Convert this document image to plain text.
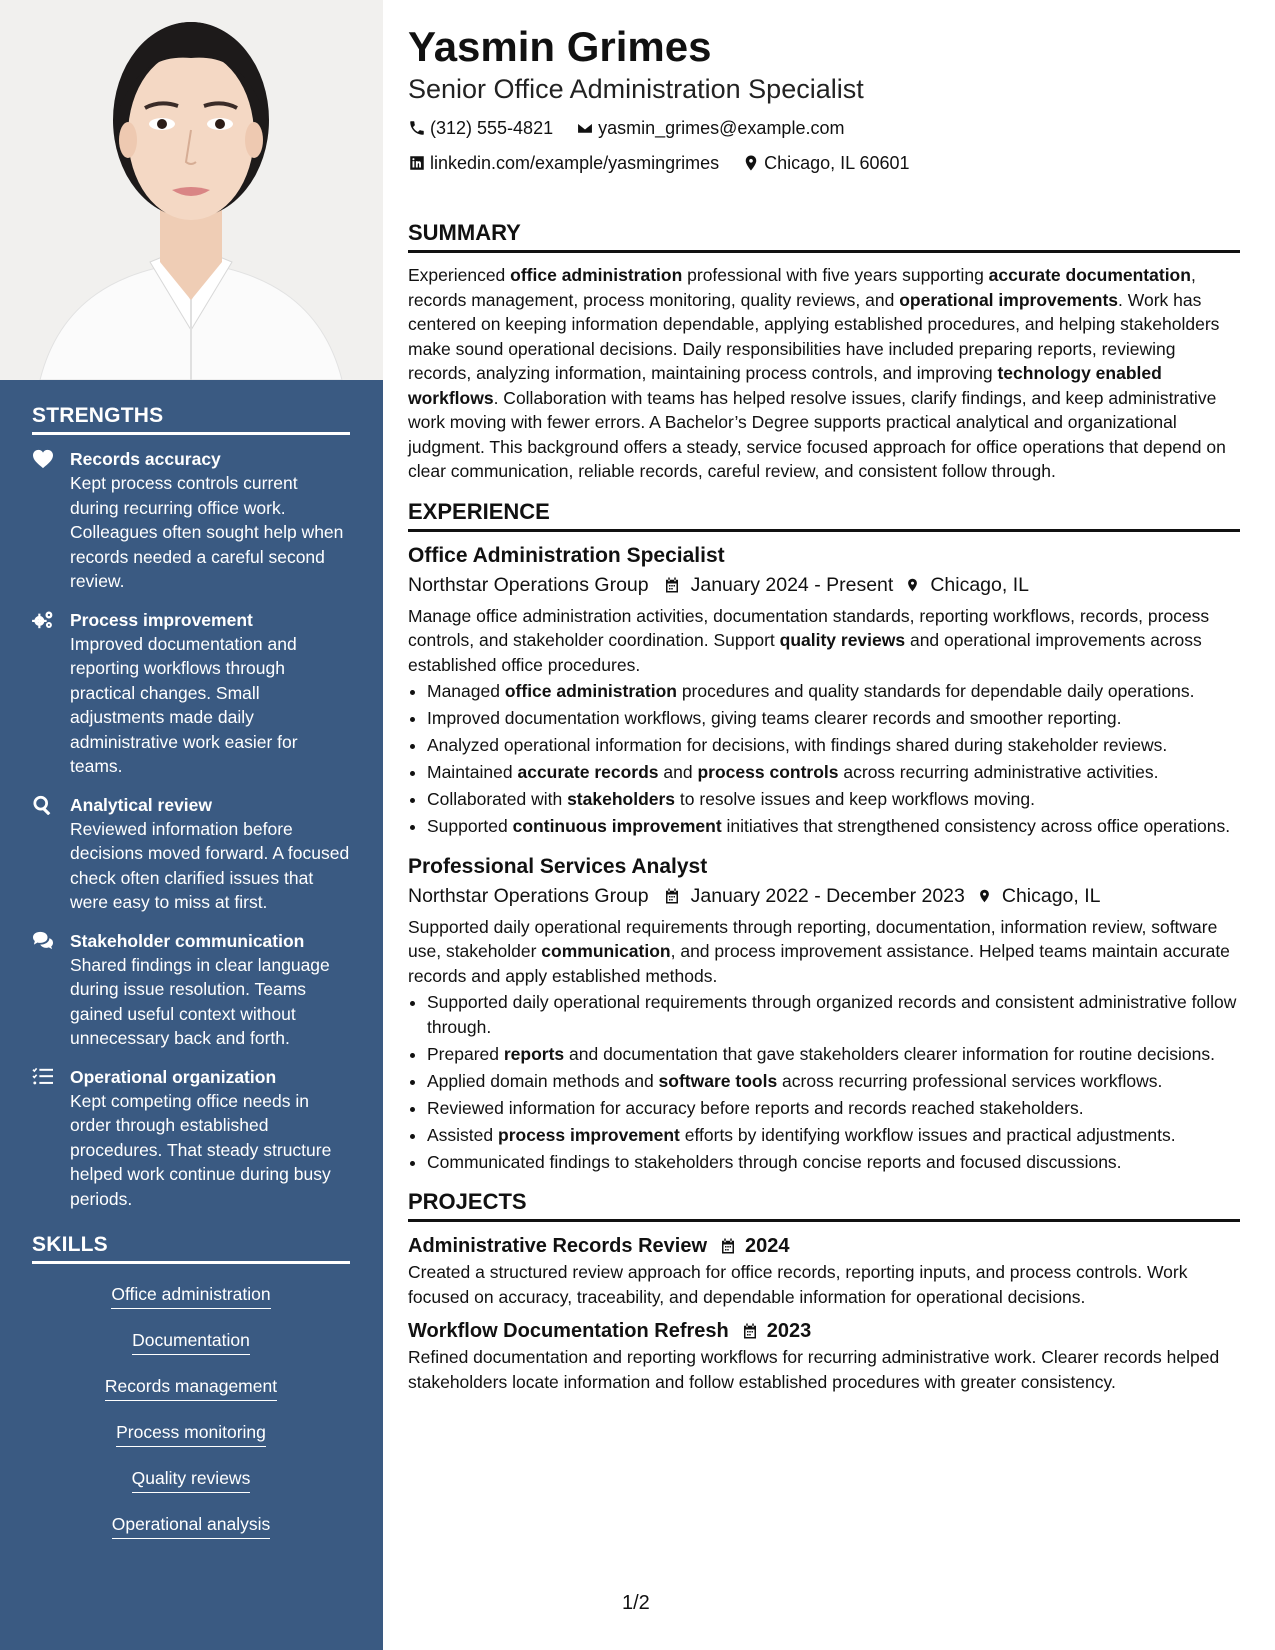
STRENGTHS
Records accuracy
Kept process controls current during recurring office work. Colleagues often sought help when records needed a careful second review.
Process improvement
Improved documentation and reporting workflows through practical changes. Small adjustments made daily administrative work easier for teams.
Analytical review
Reviewed information before decisions moved forward. A focused check often clarified issues that were easy to miss at first.
Stakeholder communication
Shared findings in clear language during issue resolution. Teams gained useful context without unnecessary back and forth.
Operational organization
Kept competing office needs in order through established procedures. That steady structure helped work continue during busy periods.
SKILLS
Office administration
Documentation
Records management
Process monitoring
Quality reviews
Operational analysis
Yasmin Grimes
Senior Office Administration Specialist
(312) 555-4821
	yasmin_grimes@example.com

linkedin.com/example/yasmingrimes
	Chicago, IL 60601
SUMMARY

Experienced office administration professional with five years supporting accurate documentation, records management, process monitoring, quality reviews, and operational improvements. Work has centered on keeping information dependable, applying established procedures, and helping stakeholders make sound operational decisions. Daily responsibilities have included preparing reports, reviewing records, analyzing information, maintaining process controls, and improving technology enabled workflows. Collaboration with teams has helped resolve issues, clarify findings, and keep administrative work moving with fewer errors. A Bachelor’s Degree supports practical analytical and organizational judgment. This background offers a steady, service focused approach for office operations that depend on clear communication, reliable records, careful review, and consistent follow through.

EXPERIENCE
Office Administration Specialist
Northstar Operations Group January 2024 - Present Chicago, IL

Manage office administration activities, documentation standards, reporting workflows, records, process controls, and stakeholder coordination. Support quality reviews and operational improvements across established office procedures.

• Managed office administration procedures and quality standards for dependable daily operations.
• Improved documentation workflows, giving teams clearer records and smoother reporting.
• Analyzed operational information for decisions, with findings shared during stakeholder reviews.
• Maintained accurate records and process controls across recurring administrative activities.
• Collaborated with stakeholders to resolve issues and keep workflows moving.
• Supported continuous improvement initiatives that strengthened consistency across office operations.
Professional Services Analyst
Northstar Operations Group January 2022 - December 2023 Chicago, IL

Supported daily operational requirements through reporting, documentation, information review, software use, stakeholder communication, and process improvement assistance. Helped teams maintain accurate records and apply established methods.

• Supported daily operational requirements through organized records and consistent administrative follow through.
• Prepared reports and documentation that gave stakeholders clearer information for routine decisions.
• Applied domain methods and software tools across recurring professional services workflows.
• Reviewed information for accuracy before reports and records reached stakeholders.
• Assisted process improvement efforts by identifying workflow issues and practical adjustments.
• Communicated findings to stakeholders through concise reports and focused discussions.
PROJECTS
Administrative Records Review 2024

Created a structured review approach for office records, reporting inputs, and process controls. Work focused on accuracy, traceability, and dependable information for operational decisions.

Workflow Documentation Refresh 2023

Refined documentation and reporting workflows for recurring administrative work. Clearer records helped stakeholders locate information and follow established procedures with greater consistency.

1/2
